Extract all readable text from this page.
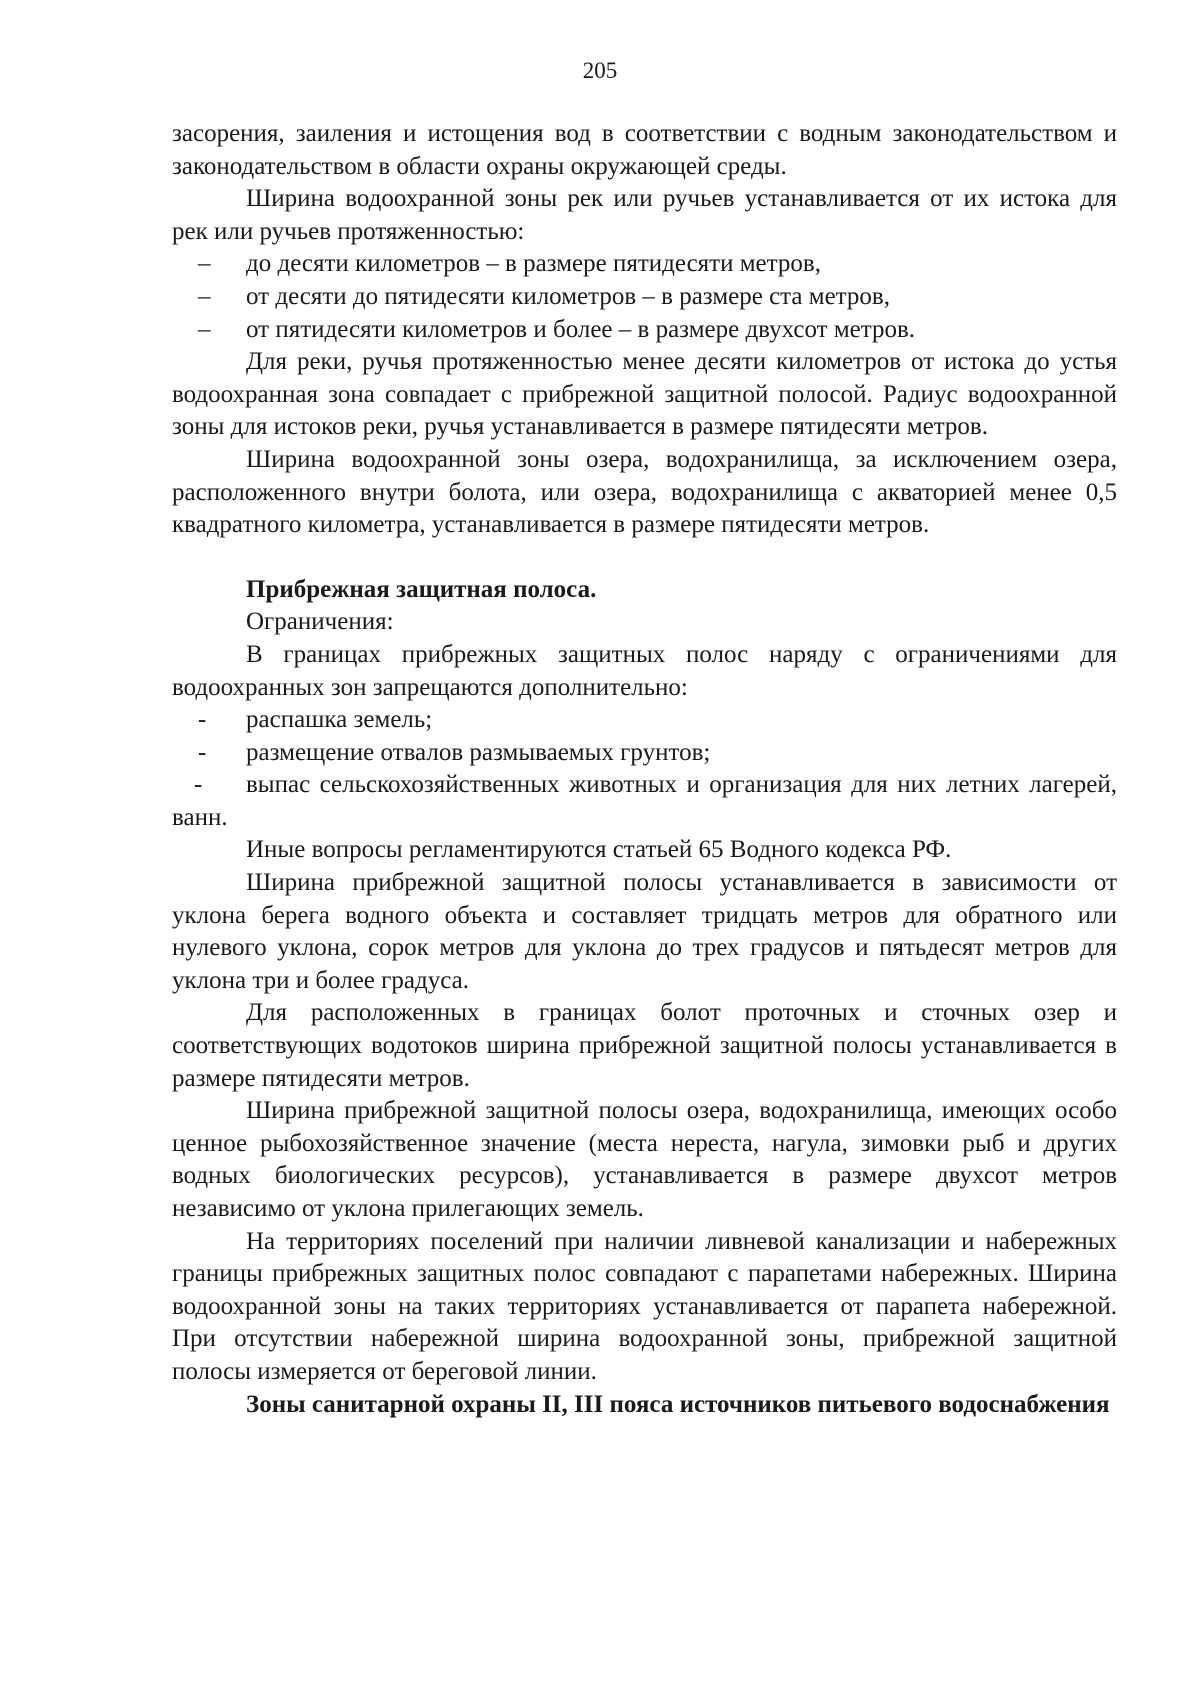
205

засорения, заиления и истощения вод в соответствии с водным законодательством и законодательством в области охраны окружающей среды.

Ширина водоохранной зоны рек или ручьев устанавливается от их истока для рек или ручьев протяженностью:

– до десяти километров – в размере пятидесяти метров,
– от десяти до пятидесяти километров – в размере ста метров,
– от пятидесяти километров и более – в размере двухсот метров.

Для реки, ручья протяженностью менее десяти километров от истока до устья водоохранная зона совпадает с прибрежной защитной полосой. Радиус водоохранной зоны для истоков реки, ручья устанавливается в размере пятидесяти метров.

Ширина водоохранной зоны озера, водохранилища, за исключением озера, расположенного внутри болота, или озера, водохранилища с акваторией менее 0,5 квадратного километра, устанавливается в размере пятидесяти метров.

Прибрежная защитная полоса.

Ограничения:

В границах прибрежных защитных полос наряду с ограничениями для водоохранных зон запрещаются дополнительно:

- распашка земель;
- размещение отвалов размываемых грунтов;
- выпас сельскохозяйственных животных и организация для них летних лагерей, ванн.

Иные вопросы регламентируются статьей 65 Водного кодекса РФ.

Ширина прибрежной защитной полосы устанавливается в зависимости от уклона берега водного объекта и составляет тридцать метров для обратного или нулевого уклона, сорок метров для уклона до трех градусов и пятьдесят метров для уклона три и более градуса.

Для расположенных в границах болот проточных и сточных озер и соответствующих водотоков ширина прибрежной защитной полосы устанавливается в размере пятидесяти метров.

Ширина прибрежной защитной полосы озера, водохранилища, имеющих особо ценное рыбохозяйственное значение (места нереста, нагула, зимовки рыб и других водных биологических ресурсов), устанавливается в размере двухсот метров независимо от уклона прилегающих земель.

На территориях поселений при наличии ливневой канализации и набережных границы прибрежных защитных полос совпадают с парапетами набережных. Ширина водоохранной зоны на таких территориях устанавливается от парапета набережной. При отсутствии набережной ширина водоохранной зоны, прибрежной защитной полосы измеряется от береговой линии.

Зоны санитарной охраны II, III пояса источников питьевого водоснабжения
